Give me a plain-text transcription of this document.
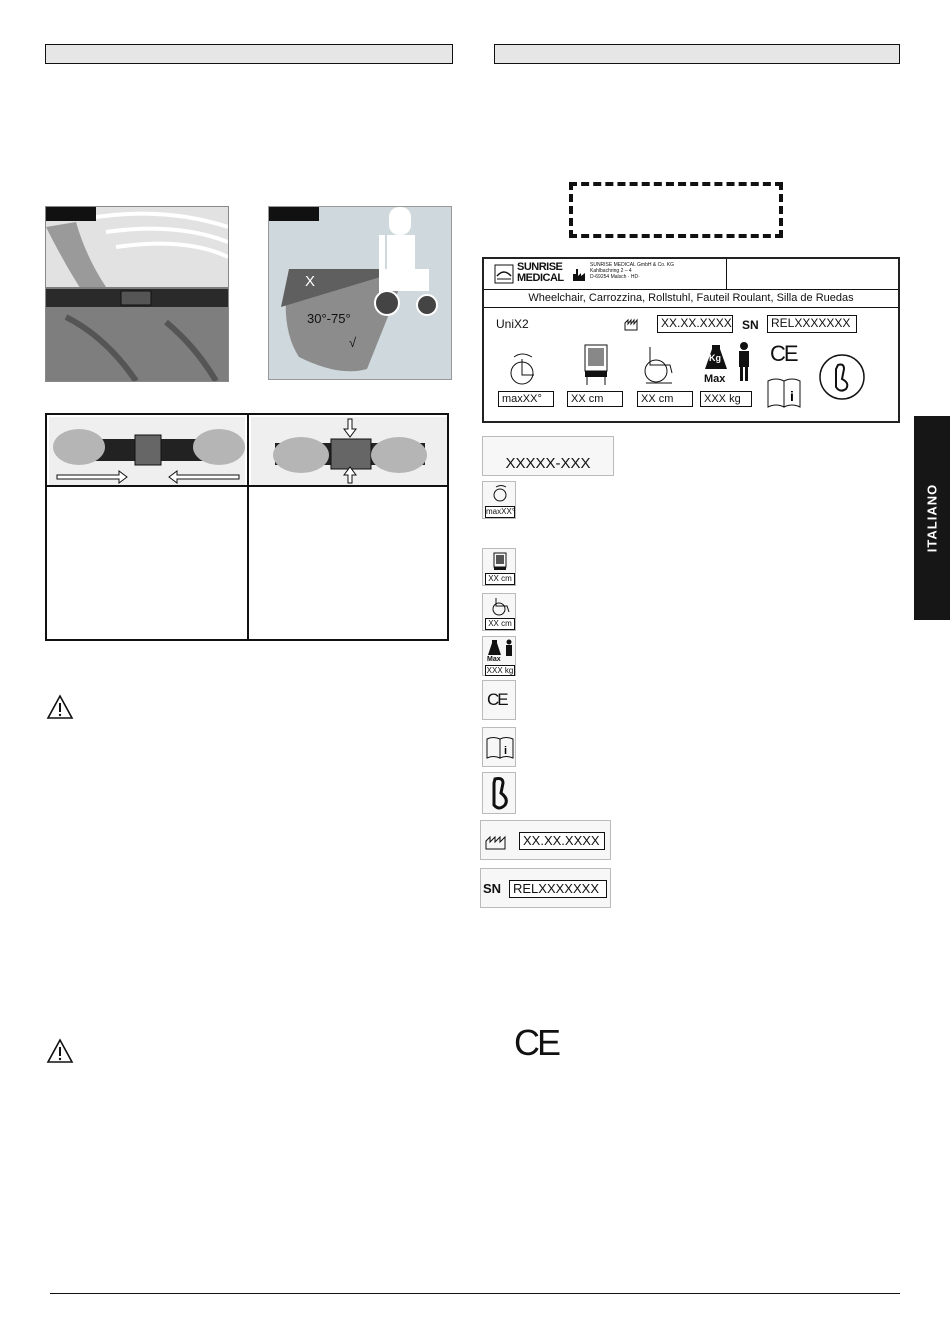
X
30°-75°
√
SUNRISE
MEDICAL
SUNRISE MEDICAL GmbH & Co. KG
Kahlbachring 2 – 4
D-69254 Malsch · HD·
Wheelchair, Carrozzina, Rollstuhl, Fauteil Roulant, Silla de Ruedas
UniX2	XX.XX.XXXX SN	RELXXXXXXX
maxXX°	XX cm	XX cm
Kg
Max
XXX kg
CE
i
XXXXX-XXX
maxXX°
XX cm
XX cm
Max
XXX kg
CE
i
XX.XX.XXXX
SN RELXXXXXXX
CE
ITALIANO
